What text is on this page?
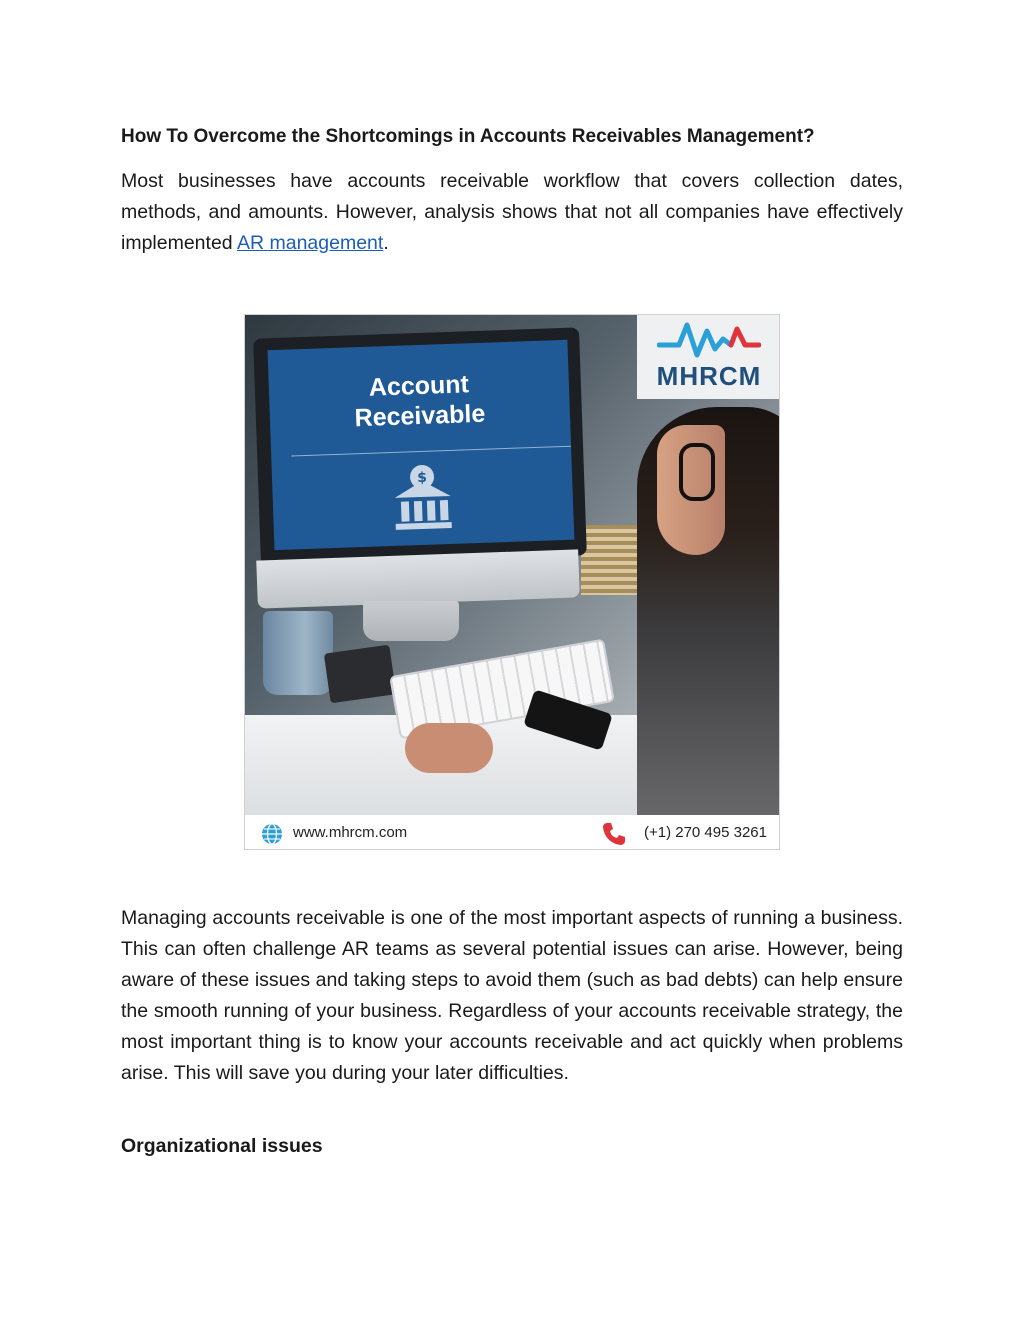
How To Overcome the Shortcomings in Accounts Receivables Management?

Most businesses have accounts receivable workflow that covers collection dates, methods, and amounts. However, analysis shows that not all companies have effectively implemented AR management.

Managing accounts receivable is one of the most important aspects of running a business. This can often challenge AR teams as several potential issues can arise. However, being aware of these issues and taking steps to avoid them (such as bad debts) can help ensure the smooth running of your business. Regardless of your accounts receivable strategy, the most important thing is to know your accounts receivable and act quickly when problems arise. This will save you during your later difficulties.

Organizational issues
Account
Receivable
$
MHRCM
www.mhrcm.com	(+1) 270 495 3261
